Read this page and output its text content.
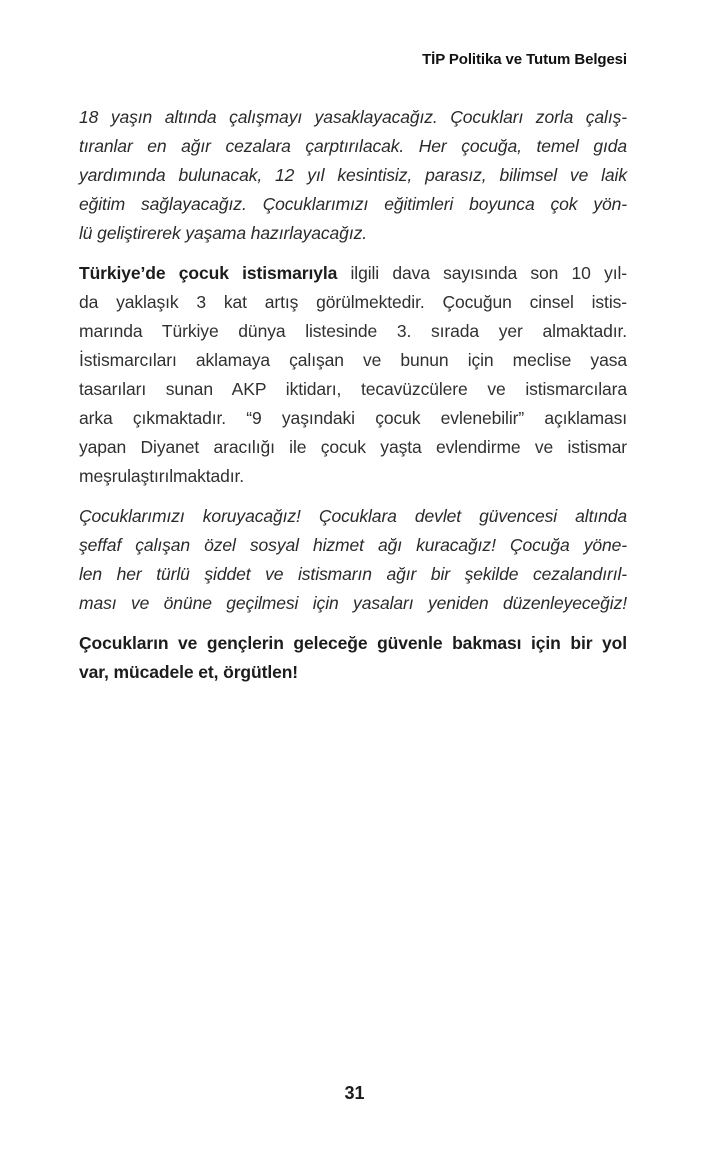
TİP Politika ve Tutum Belgesi

18 yaşın altında çalışmayı yasaklayacağız. Çocukları zorla çalış-
tıranlar en ağır cezalara çarptırılacak. Her çocuğa, temel gıda
yardımında bulunacak, 12 yıl kesintisiz, parasız, bilimsel ve laik
eğitim sağlayacağız. Çocuklarımızı eğitimleri boyunca çok yön-
lü geliştirerek yaşama hazırlayacağız.

Türkiye’de çocuk istismarıyla ilgili dava sayısında son 10 yıl-
da yaklaşık 3 kat artış görülmektedir. Çocuğun cinsel istis-
marında Türkiye dünya listesinde 3. sırada yer almaktadır.
İstismarcıları aklamaya çalışan ve bunun için meclise yasa
tasarıları sunan AKP iktidarı, tecavüzcülere ve istismarcılara
arka çıkmaktadır. “9 yaşındaki çocuk evlenebilir” açıklaması
yapan Diyanet aracılığı ile çocuk yaşta evlendirme ve istismar
meşrulaştırılmaktadır.

Çocuklarımızı koruyacağız! Çocuklara devlet güvencesi altında
şeffaf çalışan özel sosyal hizmet ağı kuracağız! Çocuğa yöne-
len her türlü şiddet ve istismarın ağır bir şekilde cezalandırıl-
ması ve önüne geçilmesi için yasaları yeniden düzenleyeceğiz!

Çocukların ve gençlerin geleceğe güvenle bakması için bir yol
var, mücadele et, örgütlen!

31
